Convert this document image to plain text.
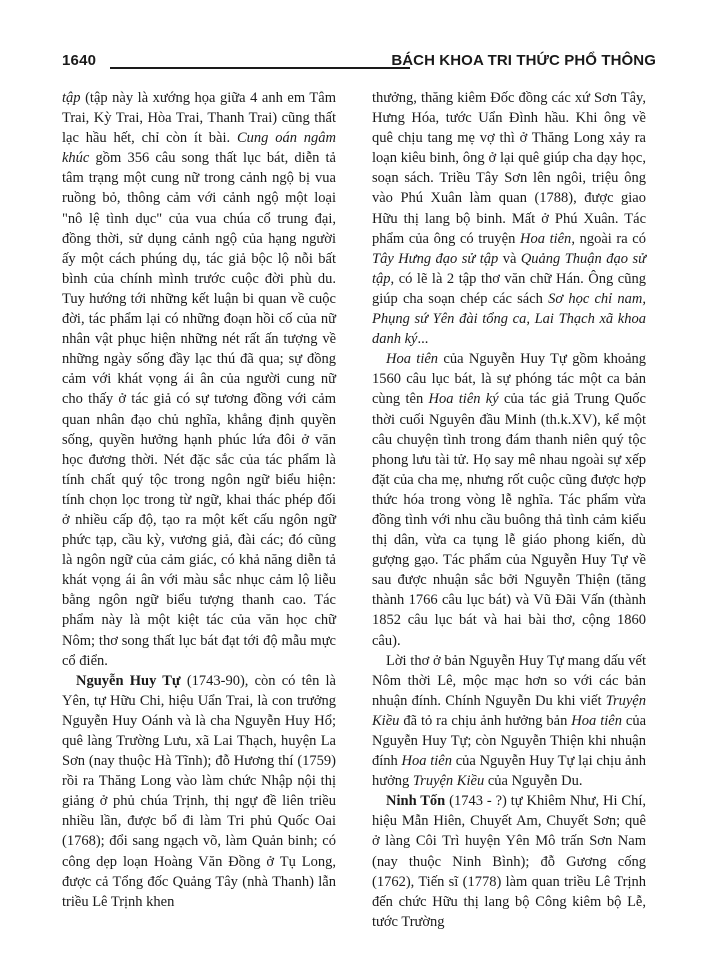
1640	BÁCH KHOA TRI THỨC PHỔ THÔNG

tập (tập này là xướng họa giữa 4 anh em Tâm Trai, Kỳ Trai, Hòa Trai, Thanh Trai) cũng thất lạc hầu hết, chỉ còn ít bài. Cung oán ngâm khúc gồm 356 câu song thất lục bát, diễn tả tâm trạng một cung nữ trong cảnh ngộ bị vua ruồng bỏ, thông cảm với cảnh ngộ một loại "nô lệ tình dục" của vua chúa cổ trung đại, đồng thời, sử dụng cảnh ngộ của hạng người ấy một cách phúng dụ, tác giả bộc lộ nỗi bất bình của chính mình trước cuộc đời phù du. Tuy hướng tới những kết luận bi quan về cuộc đời, tác phẩm lại có những đoạn hồi cố của nữ nhân vật phục hiện những nét rất ấn tượng về những ngày sống đầy lạc thú đã qua; sự đồng cảm với khát vọng ái ân của người cung nữ cho thấy ở tác giả có sự tương đồng với cảm quan nhân đạo chủ nghĩa, khẳng định quyền sống, quyền hưởng hạnh phúc lứa đôi ở văn học đương thời. Nét đặc sắc của tác phẩm là tính chất quý tộc trong ngôn ngữ biểu hiện: tính chọn lọc trong từ ngữ, khai thác phép đối ở nhiều cấp độ, tạo ra một kết cấu ngôn ngữ phức tạp, cầu kỳ, vương giả, đài các; đó cũng là ngôn ngữ của cảm giác, có khả năng diễn tả khát vọng ái ân với màu sắc nhục cảm lộ liễu bằng ngôn ngữ biểu tượng thanh cao. Tác phẩm này là một kiệt tác của văn học chữ Nôm; thơ song thất lục bát đạt tới độ mẫu mực cổ điển.

Nguyễn Huy Tự (1743-90), còn có tên là Yên, tự Hữu Chi, hiệu Uẩn Trai, là con trưởng Nguyễn Huy Oánh và là cha Nguyễn Huy Hổ; quê làng Trường Lưu, xã Lai Thạch, huyện La Sơn (nay thuộc Hà Tĩnh); đỗ Hương thí (1759) rồi ra Thăng Long vào làm chức Nhập nội thị giảng ở phủ chúa Trịnh, thị ngự đề liên triều nhiều lần, được bổ đi làm Tri phủ Quốc Oai (1768); đổi sang ngạch võ, làm Quản binh; có công dẹp loạn Hoàng Văn Đồng ở Tụ Long, được cả Tổng đốc Quảng Tây (nhà Thanh) lẫn triều Lê Trịnh khen

thưởng, thăng kiêm Đốc đồng các xứ Sơn Tây, Hưng Hóa, tước Uẩn Đình hầu. Khi ông về quê chịu tang mẹ vợ thì ở Thăng Long xảy ra loạn kiêu binh, ông ở lại quê giúp cha dạy học, soạn sách. Triều Tây Sơn lên ngôi, triệu ông vào Phú Xuân làm quan (1788), được giao Hữu thị lang bộ binh. Mất ở Phú Xuân. Tác phẩm của ông có truyện Hoa tiên, ngoài ra có Tây Hưng đạo sử tập và Quảng Thuận đạo sử tập, có lẽ là 2 tập thơ văn chữ Hán. Ông cũng giúp cha soạn chép các sách Sơ học chỉ nam, Phụng sứ Yên đài tổng ca, Lai Thạch xã khoa danh ký...

Hoa tiên của Nguyễn Huy Tự gồm khoảng 1560 câu lục bát, là sự phóng tác một ca bản cùng tên Hoa tiên ký của tác giả Trung Quốc thời cuối Nguyên đầu Minh (th.k.XV), kể một câu chuyện tình trong đám thanh niên quý tộc phong lưu tài tử. Họ say mê nhau ngoài sự xếp đặt của cha mẹ, nhưng rốt cuộc cũng được hợp thức hóa trong vòng lễ nghĩa. Tác phẩm vừa đồng tình với nhu cầu buông thả tình cảm kiểu thị dân, vừa ca tụng lễ giáo phong kiến, dù gượng gạo. Tác phẩm của Nguyễn Huy Tự về sau được nhuận sắc bởi Nguyễn Thiện (tăng thành 1766 câu lục bát) và Vũ Đãi Vấn (thành 1852 câu lục bát và hai bài thơ, cộng 1860 câu).

Lời thơ ở bản Nguyễn Huy Tự mang dấu vết Nôm thời Lê, mộc mạc hơn so với các bản nhuận đính. Chính Nguyễn Du khi viết Truyện Kiều đã tỏ ra chịu ảnh hưởng bản Hoa tiên của Nguyễn Huy Tự; còn Nguyễn Thiện khi nhuận đính Hoa tiên của Nguyễn Huy Tự lại chịu ảnh hưởng Truyện Kiều của Nguyễn Du.

Ninh Tốn (1743 - ?) tự Khiêm Như, Hi Chí, hiệu Mẫn Hiên, Chuyết Am, Chuyết Sơn; quê ở làng Côi Trì huyện Yên Mô trấn Sơn Nam (nay thuộc Ninh Bình); đỗ Gương cống (1762), Tiến sĩ (1778) làm quan triều Lê Trịnh đến chức Hữu thị lang bộ Công kiêm bộ Lễ, tước Trường
